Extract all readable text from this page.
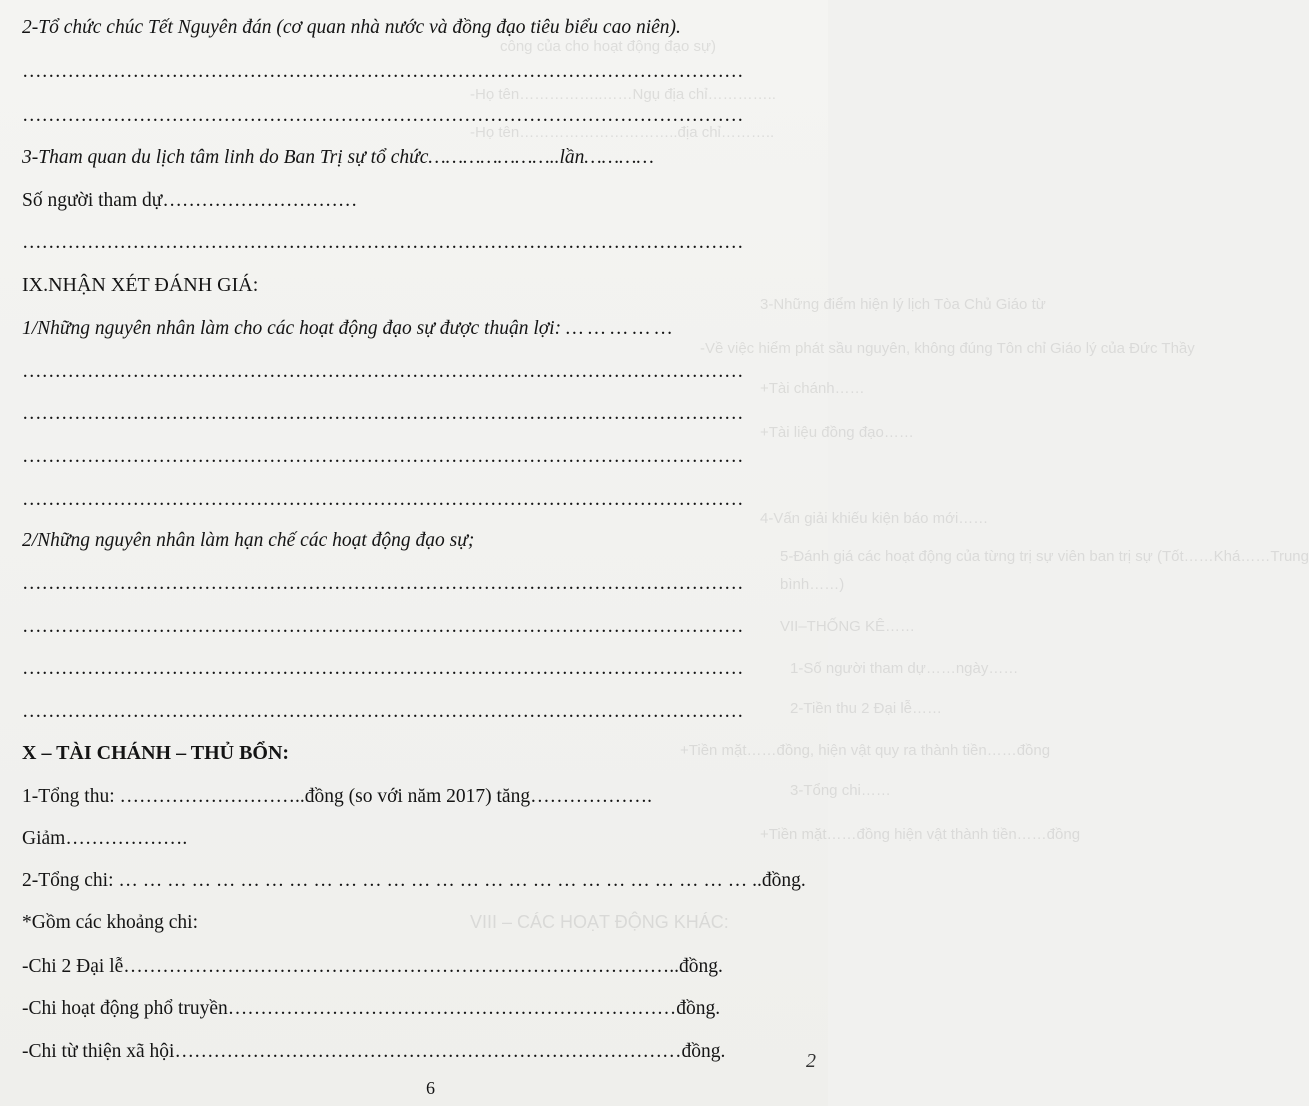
công của cho hoạt động đạo sự)
-Họ tên……………..……Ngụ địa chỉ…………..
-Họ tên…………………………..địa chỉ………..
3-Những điểm hiện lý lịch Tòa Chủ Giáo từ
-Về việc hiểm phát sầu nguyên, không đúng Tôn chỉ Giáo lý của Đức Thầy
+Tài chánh……
+Tài liệu đồng đạo……
4-Vấn giải khiếu kiện báo mới……
5-Đánh giá các hoạt động của từng trị sự viên ban trị sự (Tốt……Khá……Trung
bình……)
VII–THỐNG KÊ……
1-Số người tham dự……ngày……
2-Tiền thu 2 Đại lễ……
+Tiền mặt……đồng, hiện vật quy ra thành tiền……đồng
3-Tổng chi……
+Tiền mặt……đồng hiện vật thành tiền……đồng
VIII – CÁC HOẠT ĐỘNG KHÁC:
2-Tổ chức chúc Tết Nguyên đán (cơ quan nhà nước và đồng đạo tiêu biểu cao niên).
…………………………………………………………………………………………………
…………………………………………………………………………………………………
3-Tham quan du lịch tâm linh do Ban Trị sự tổ chức…………………..lần…………
Số người tham dự…………………………
…………………………………………………………………………………………………
IX.NHẬN XÉT ĐÁNH GIÁ:
1/Những nguyên nhân làm cho các hoạt động đạo sự được thuận lợi: … … … … …
…………………………………………………………………………………………………
…………………………………………………………………………………………………
…………………………………………………………………………………………………
…………………………………………………………………………………………………
2/Những nguyên nhân làm hạn chế các hoạt động đạo sự;
…………………………………………………………………………………………………
…………………………………………………………………………………………………
…………………………………………………………………………………………………
…………………………………………………………………………………………………
X – TÀI CHÁNH – THỦ BỔN:
1-Tổng thu: ………………………..đồng (so với năm 2017) tăng……………….
Giảm……………….
2-Tổng chi: … … … … … … … … … … … … … … … … … … … … … … … … … … ..đồng.
*Gồm các khoảng chi:
-Chi 2 Đại lễ…………………………………………………………………………..đồng.
-Chi hoạt động phổ truyền……………………………………………………………đồng.
-Chi từ thiện xã hội……………………………………………………………………đồng.
6
2
